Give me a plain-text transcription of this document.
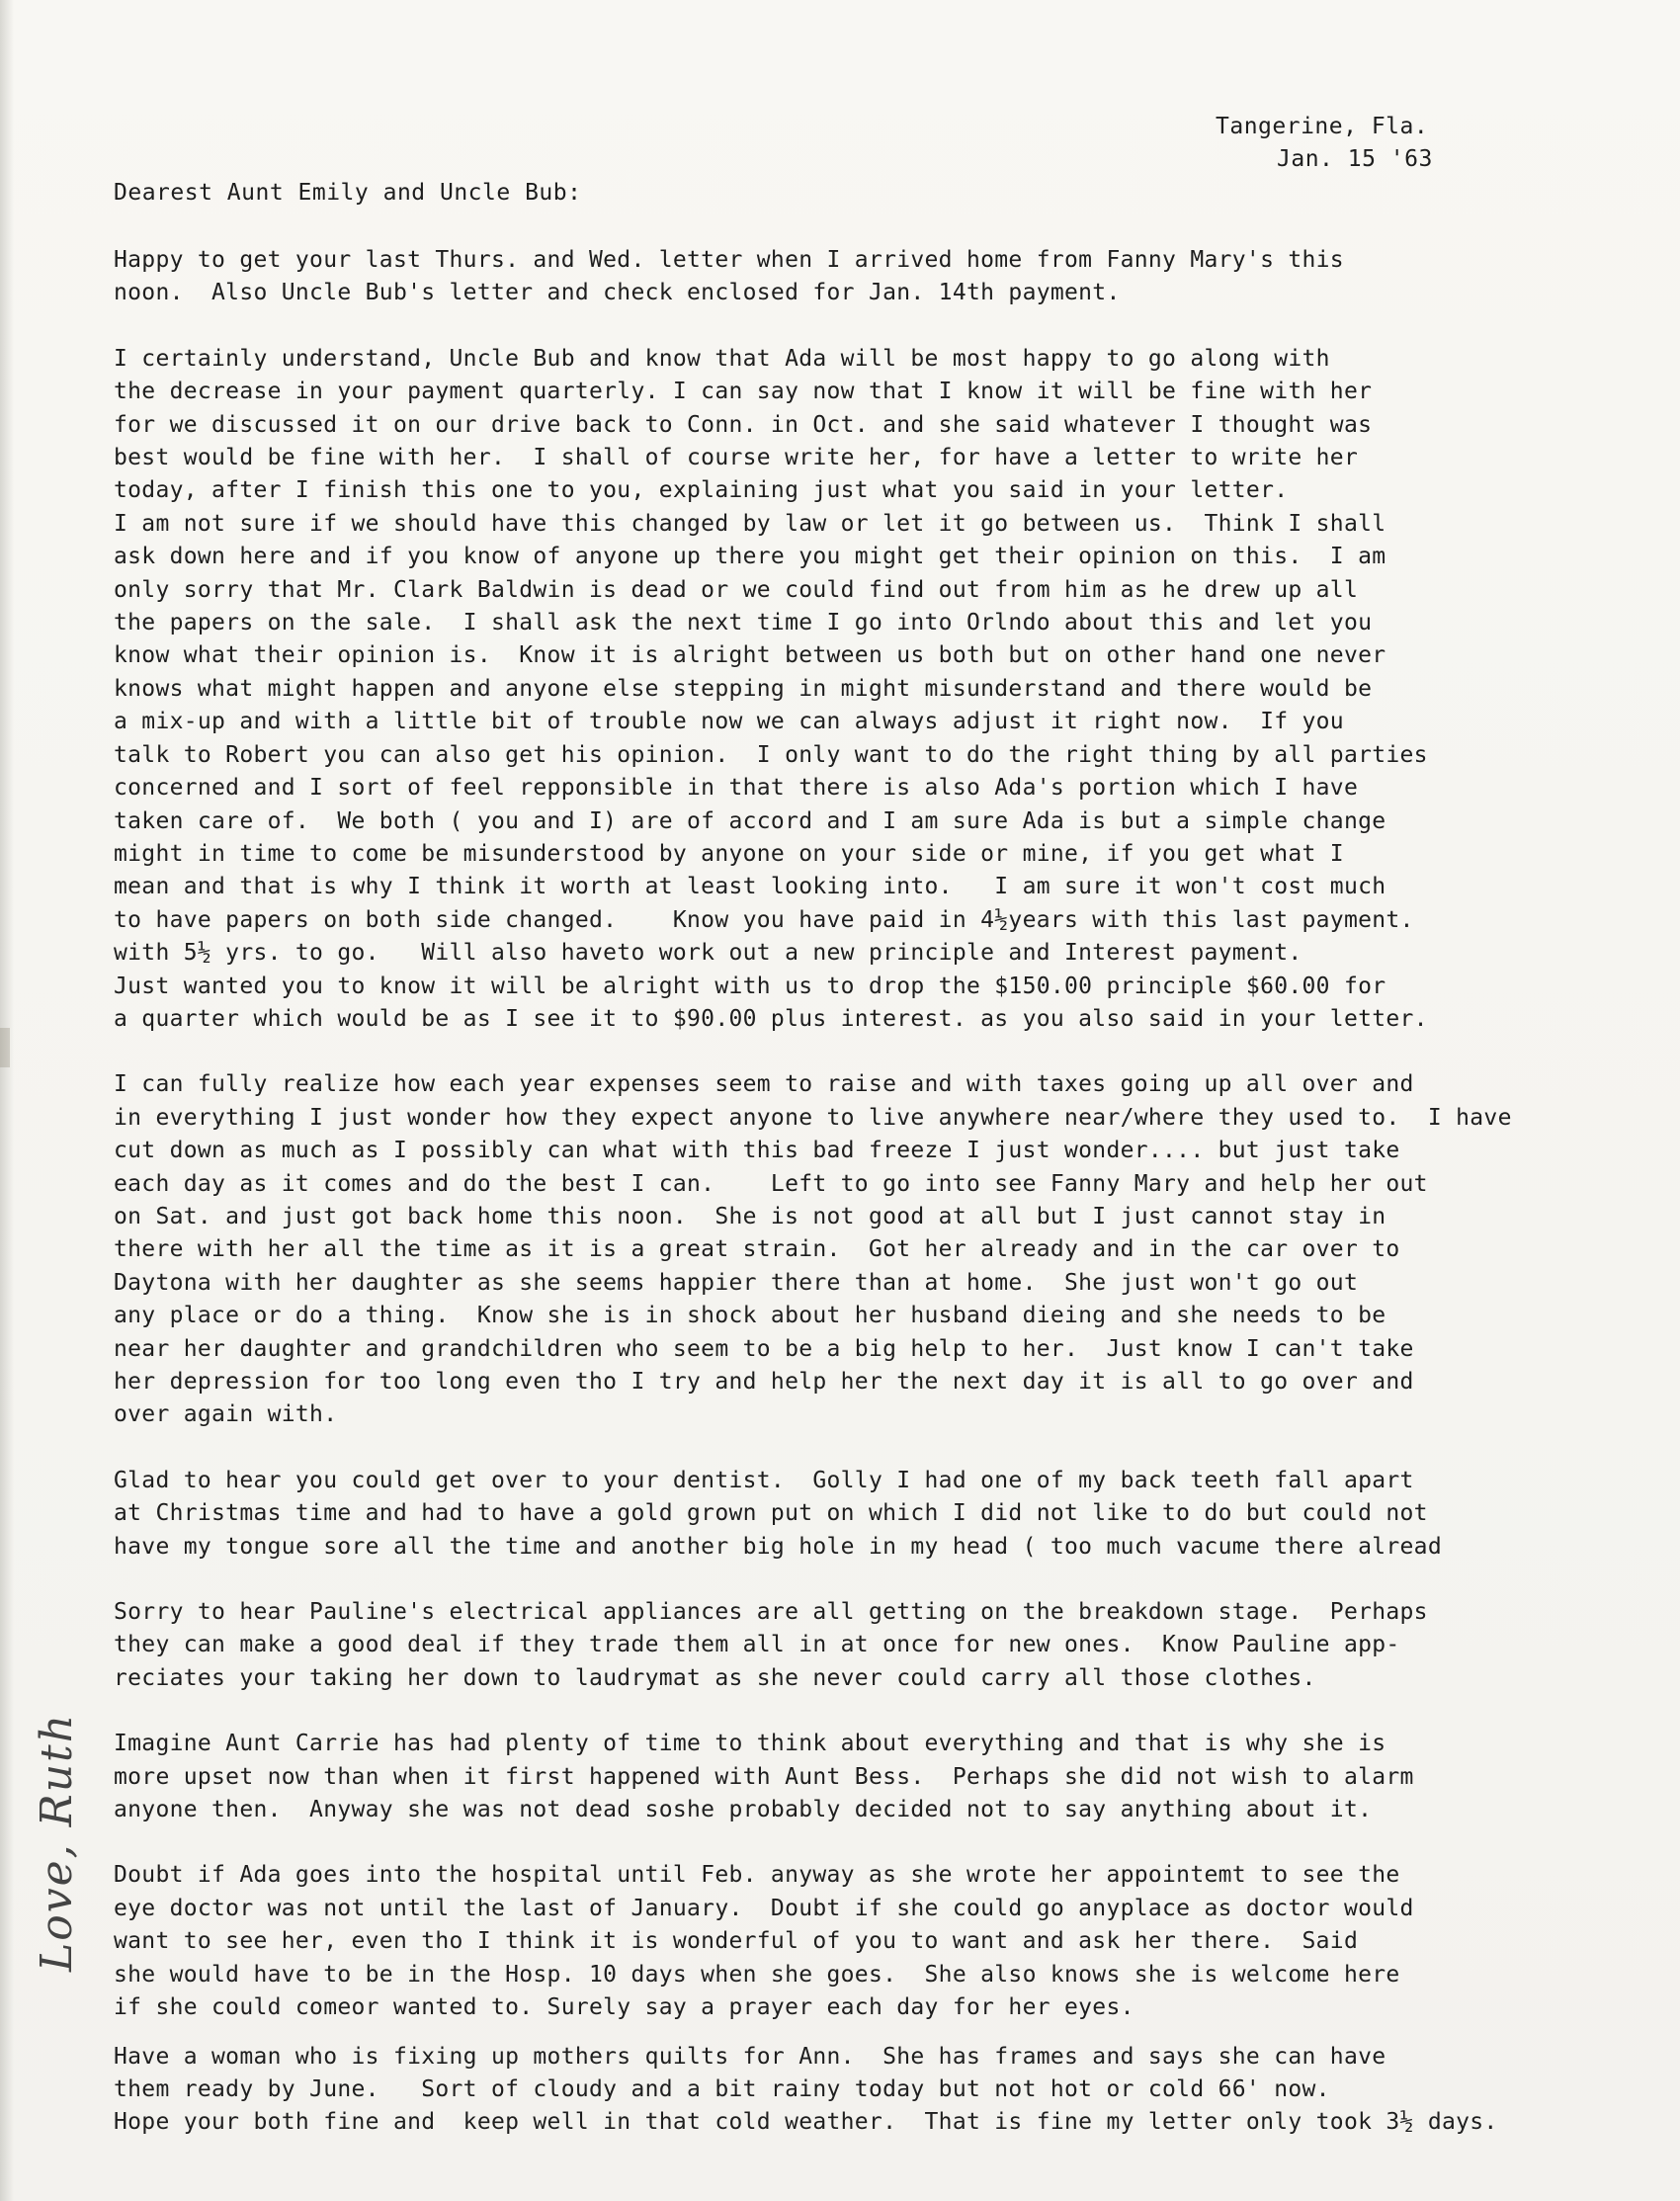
Tangerine, Fla.
Jan. 15 '63
Dearest Aunt Emily and Uncle Bub:
Happy to get your last Thurs. and Wed. letter when I arrived home from Fanny Mary's this
noon.  Also Uncle Bub's letter and check enclosed for Jan. 14th payment.
I certainly understand, Uncle Bub and know that Ada will be most happy to go along with
the decrease in your payment quarterly. I can say now that I know it will be fine with her
for we discussed it on our drive back to Conn. in Oct. and she said whatever I thought was
best would be fine with her.  I shall of course write her, for have a letter to write her
today, after I finish this one to you, explaining just what you said in your letter.
I am not sure if we should have this changed by law or let it go between us.  Think I shall
ask down here and if you know of anyone up there you might get their opinion on this.  I am
only sorry that Mr. Clark Baldwin is dead or we could find out from him as he drew up all
the papers on the sale.  I shall ask the next time I go into Orlndo about this and let you
know what their opinion is.  Know it is alright between us both but on other hand one never
knows what might happen and anyone else stepping in might misunderstand and there would be
a mix-up and with a little bit of trouble now we can always adjust it right now.  If you
talk to Robert you can also get his opinion.  I only want to do the right thing by all parties
concerned and I sort of feel repponsible in that there is also Ada's portion which I have
taken care of.  We both ( you and I) are of accord and I am sure Ada is but a simple change
might in time to come be misunderstood by anyone on your side or mine, if you get what I
mean and that is why I think it worth at least looking into.   I am sure it won't cost much
to have papers on both side changed.    Know you have paid in 4½years with this last payment.
with 5½ yrs. to go.   Will also haveto work out a new principle and Interest payment.
Just wanted you to know it will be alright with us to drop the $150.00 principle $60.00 for
a quarter which would be as I see it to $90.00 plus interest. as you also said in your letter.
I can fully realize how each year expenses seem to raise and with taxes going up all over and
in everything I just wonder how they expect anyone to live anywhere near/where they used to.  I have
cut down as much as I possibly can what with this bad freeze I just wonder.... but just take
each day as it comes and do the best I can.    Left to go into see Fanny Mary and help her out
on Sat. and just got back home this noon.  She is not good at all but I just cannot stay in
there with her all the time as it is a great strain.  Got her already and in the car over to
Daytona with her daughter as she seems happier there than at home.  She just won't go out
any place or do a thing.  Know she is in shock about her husband dieing and she needs to be
near her daughter and grandchildren who seem to be a big help to her.  Just know I can't take
her depression for too long even tho I try and help her the next day it is all to go over and
over again with.
Glad to hear you could get over to your dentist.  Golly I had one of my back teeth fall apart
at Christmas time and had to have a gold grown put on which I did not like to do but could not
have my tongue sore all the time and another big hole in my head ( too much vacume there alread
Sorry to hear Pauline's electrical appliances are all getting on the breakdown stage.  Perhaps
they can make a good deal if they trade them all in at once for new ones.  Know Pauline app-
reciates your taking her down to laudrymat as she never could carry all those clothes.
Imagine Aunt Carrie has had plenty of time to think about everything and that is why she is
more upset now than when it first happened with Aunt Bess.  Perhaps she did not wish to alarm
anyone then.  Anyway she was not dead soshe probably decided not to say anything about it.
Doubt if Ada goes into the hospital until Feb. anyway as she wrote her appointemt to see the
eye doctor was not until the last of January.  Doubt if she could go anyplace as doctor would
want to see her, even tho I think it is wonderful of you to want and ask her there.  Said
she would have to be in the Hosp. 10 days when she goes.  She also knows she is welcome here
if she could comeor wanted to. Surely say a prayer each day for her eyes.
Have a woman who is fixing up mothers quilts for Ann.  She has frames and says she can have
them ready by June.   Sort of cloudy and a bit rainy today but not hot or cold 66' now.
Hope your both fine and  keep well in that cold weather.  That is fine my letter only took 3½ days.
Love, Ruth
